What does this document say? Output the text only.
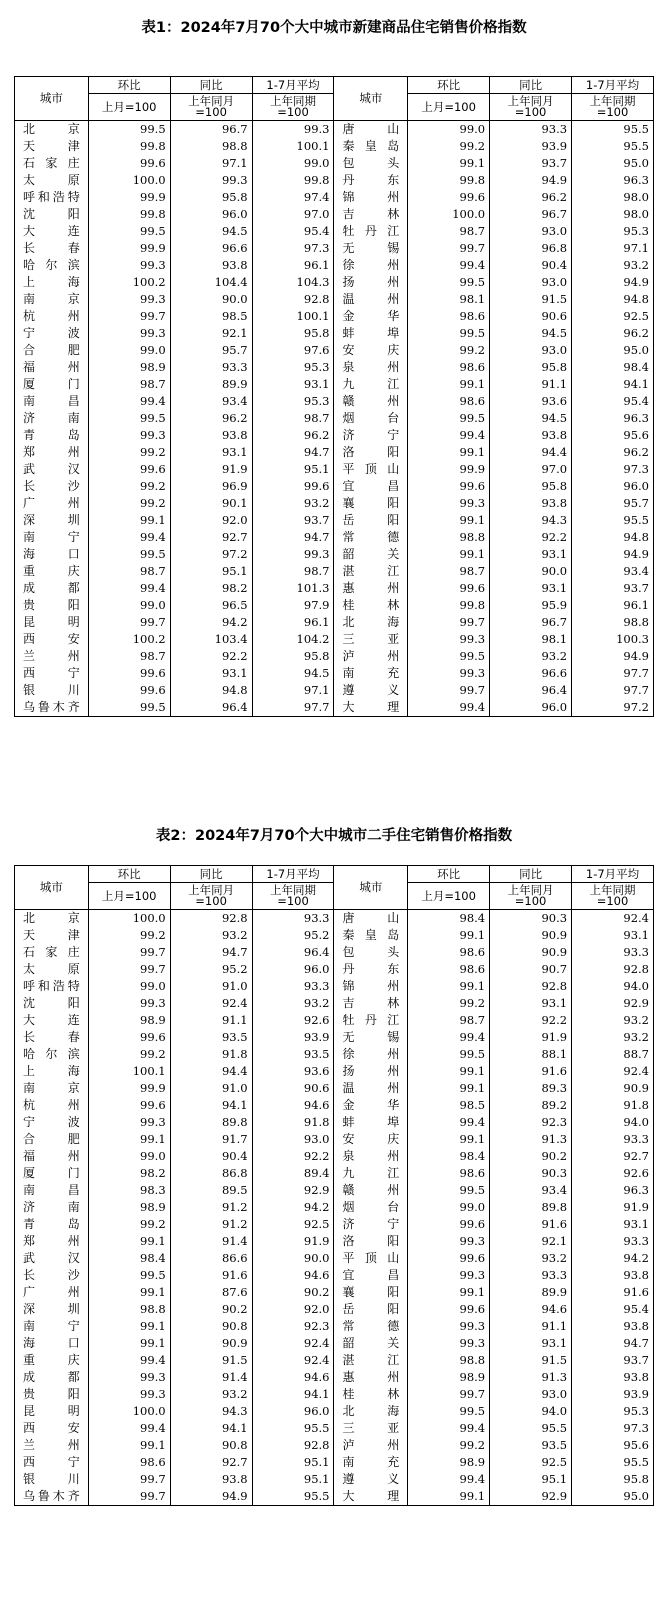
表1：2024年7月70个大中城市新建商品住宅销售价格指数
城市	环比	同比	1-7月平均	城市	环比	同比	1-7月平均
	上月=100	上年同月
=100	上年同期
=100		上月=100	上年同月
=100	上年同期
=100
北京	99.5	96.7	99.3	唐山	99.0	93.3	95.5
天津	99.8	98.8	100.1	秦皇岛	99.2	93.9	95.5
石家庄	99.6	97.1	99.0	包头	99.1	93.7	95.0
太原	100.0	99.3	99.8	丹东	99.8	94.9	96.3
呼和浩特	99.9	95.8	97.4	锦州	99.6	96.2	98.0
沈阳	99.8	96.0	97.0	吉林	100.0	96.7	98.0
大连	99.5	94.5	95.4	牡丹江	98.7	93.0	95.3
长春	99.9	96.6	97.3	无锡	99.7	96.8	97.1
哈尔滨	99.3	93.8	96.1	徐州	99.4	90.4	93.2
上海	100.2	104.4	104.3	扬州	99.5	93.0	94.9
南京	99.3	90.0	92.8	温州	98.1	91.5	94.8
杭州	99.7	98.5	100.1	金华	98.6	90.6	92.5
宁波	99.3	92.1	95.8	蚌埠	99.5	94.5	96.2
合肥	99.0	95.7	97.6	安庆	99.2	93.0	95.0
福州	98.9	93.3	95.3	泉州	98.6	95.8	98.4
厦门	98.7	89.9	93.1	九江	99.1	91.1	94.1
南昌	99.4	93.4	95.3	赣州	98.6	93.6	95.4
济南	99.5	96.2	98.7	烟台	99.5	94.5	96.3
青岛	99.3	93.8	96.2	济宁	99.4	93.8	95.6
郑州	99.2	93.1	94.7	洛阳	99.1	94.4	96.2
武汉	99.6	91.9	95.1	平顶山	99.9	97.0	97.3
长沙	99.2	96.9	99.6	宜昌	99.6	95.8	96.0
广州	99.2	90.1	93.2	襄阳	99.3	93.8	95.7
深圳	99.1	92.0	93.7	岳阳	99.1	94.3	95.5
南宁	99.4	92.7	94.7	常德	98.8	92.2	94.8
海口	99.5	97.2	99.3	韶关	99.1	93.1	94.9
重庆	98.7	95.1	98.7	湛江	98.7	90.0	93.4
成都	99.4	98.2	101.3	惠州	99.6	93.1	93.7
贵阳	99.0	96.5	97.9	桂林	99.8	95.9	96.1
昆明	99.7	94.2	96.1	北海	99.7	96.7	98.8
西安	100.2	103.4	104.2	三亚	99.3	98.1	100.3
兰州	98.7	92.2	95.8	泸州	99.5	93.2	94.9
西宁	99.6	93.1	94.5	南充	99.3	96.6	97.7
银川	99.6	94.8	97.1	遵义	99.7	96.4	97.7
乌鲁木齐	99.5	96.4	97.7	大理	99.4	96.0	97.2
表2：2024年7月70个大中城市二手住宅销售价格指数
城市	环比	同比	1-7月平均	城市	环比	同比	1-7月平均
	上月=100	上年同月
=100	上年同期
=100		上月=100	上年同月
=100	上年同期
=100
北京	100.0	92.8	93.3	唐山	98.4	90.3	92.4
天津	99.2	93.2	95.2	秦皇岛	99.1	90.9	93.1
石家庄	99.7	94.7	96.4	包头	98.6	90.9	93.3
太原	99.7	95.2	96.0	丹东	98.6	90.7	92.8
呼和浩特	99.0	91.0	93.3	锦州	99.1	92.8	94.0
沈阳	99.3	92.4	93.2	吉林	99.2	93.1	92.9
大连	98.9	91.1	92.6	牡丹江	98.7	92.2	93.2
长春	99.6	93.5	93.9	无锡	99.4	91.9	93.2
哈尔滨	99.2	91.8	93.5	徐州	99.5	88.1	88.7
上海	100.1	94.4	93.6	扬州	99.1	91.6	92.4
南京	99.9	91.0	90.6	温州	99.1	89.3	90.9
杭州	99.6	94.1	94.6	金华	98.5	89.2	91.8
宁波	99.3	89.8	91.8	蚌埠	99.4	92.3	94.0
合肥	99.1	91.7	93.0	安庆	99.1	91.3	93.3
福州	99.0	90.4	92.2	泉州	98.4	90.2	92.7
厦门	98.2	86.8	89.4	九江	98.6	90.3	92.6
南昌	98.3	89.5	92.9	赣州	99.5	93.4	96.3
济南	98.9	91.2	94.2	烟台	99.0	89.8	91.9
青岛	99.2	91.2	92.5	济宁	99.6	91.6	93.1
郑州	99.1	91.4	91.9	洛阳	99.3	92.1	93.3
武汉	98.4	86.6	90.0	平顶山	99.6	93.2	94.2
长沙	99.5	91.6	94.6	宜昌	99.3	93.3	93.8
广州	99.1	87.6	90.2	襄阳	99.1	89.9	91.6
深圳	98.8	90.2	92.0	岳阳	99.6	94.6	95.4
南宁	99.1	90.8	92.3	常德	99.3	91.1	93.8
海口	99.1	90.9	92.4	韶关	99.3	93.1	94.7
重庆	99.4	91.5	92.4	湛江	98.8	91.5	93.7
成都	99.3	91.4	94.6	惠州	98.9	91.3	93.8
贵阳	99.3	93.2	94.1	桂林	99.7	93.0	93.9
昆明	100.0	94.3	96.0	北海	99.5	94.0	95.3
西安	99.4	94.1	95.5	三亚	99.4	95.5	97.3
兰州	99.1	90.8	92.8	泸州	99.2	93.5	95.6
西宁	98.6	92.7	95.1	南充	98.9	92.5	95.5
银川	99.7	93.8	95.1	遵义	99.4	95.1	95.8
乌鲁木齐	99.7	94.9	95.5	大理	99.1	92.9	95.0
